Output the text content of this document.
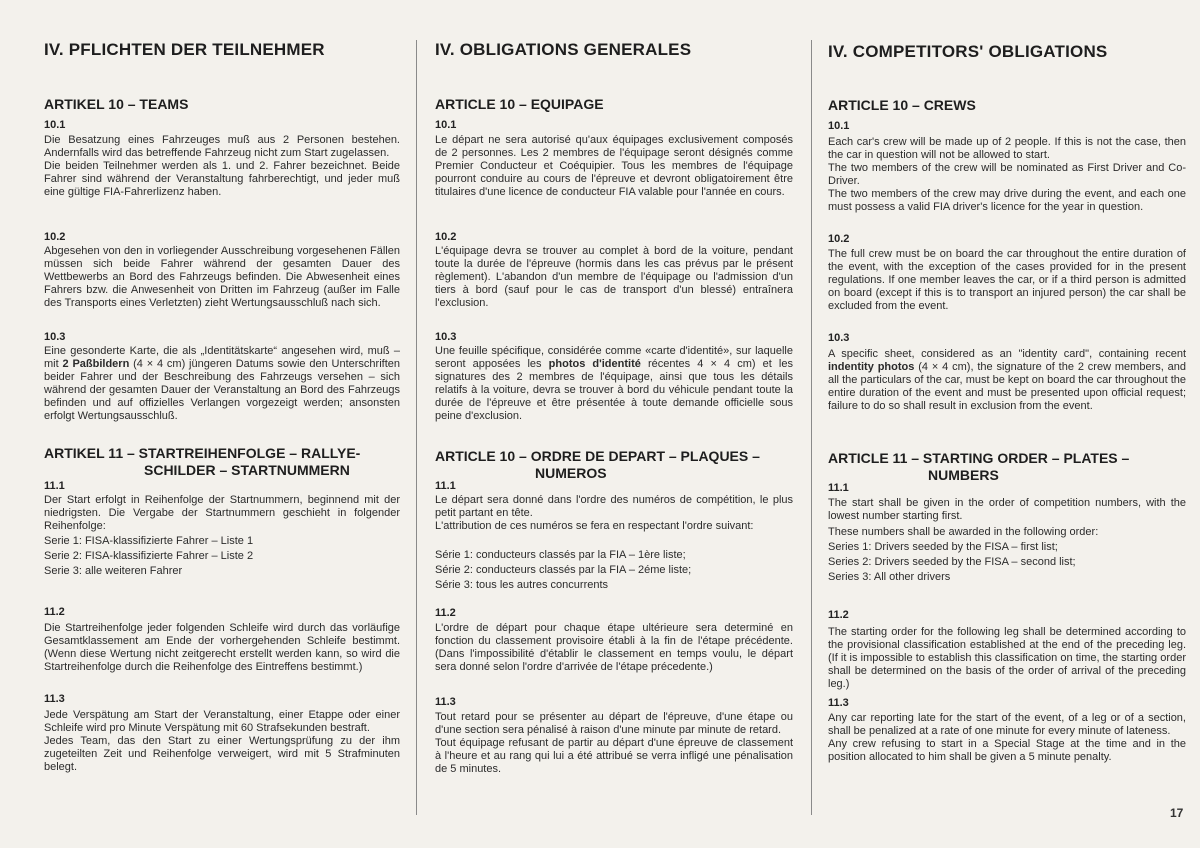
IV. PFLICHTEN DER TEILNEHMER
ARTIKEL 10 – TEAMS
10.1
Die Besatzung eines Fahrzeuges muß aus 2 Personen bestehen. Andernfalls wird das betreffende Fahrzeug nicht zum Start zugelassen.
Die beiden Teilnehmer werden als 1. und 2. Fahrer bezeichnet. Beide Fahrer sind während der Veranstaltung fahrberechtigt, und jeder muß eine gültige FIA-Fahrerlizenz haben.
10.2
Abgesehen von den in vorliegender Ausschreibung vorgesehenen Fällen müssen sich beide Fahrer während der gesamten Dauer des Wettbewerbs an Bord des Fahrzeugs befinden. Die Abwesenheit eines Fahrers bzw. die Anwesenheit von Dritten im Fahrzeug (außer im Falle des Transports eines Verletzten) zieht Wertungsausschluß nach sich.
10.3
Eine gesonderte Karte, die als „Identitätskarte“ angesehen wird, muß – mit 2 Paßbildern (4 × 4 cm) jüngeren Datums sowie den Unterschriften beider Fahrer und der Beschreibung des Fahrzeugs versehen – sich während der gesamten Dauer der Veranstaltung an Bord des Fahrzeugs befinden und auf offizielles Verlangen vorgezeigt werden; ansonsten erfolgt Wertungsausschluß.
ARTIKEL 11 – STARTREIHENFOLGE – RALLYE-
SCHILDER – STARTNUMMERN
11.1
Der Start erfolgt in Reihenfolge der Startnummern, beginnend mit der niedrigsten. Die Vergabe der Startnummern geschieht in folgender Reihenfolge:
Serie 1: FISA-klassifizierte Fahrer – Liste 1
Serie 2: FISA-klassifizierte Fahrer – Liste 2
Serie 3: alle weiteren Fahrer
11.2
Die Startreihenfolge jeder folgenden Schleife wird durch das vorläufige Gesamtklassement am Ende der vorhergehenden Schleife bestimmt. (Wenn diese Wertung nicht zeitgerecht erstellt werden kann, so wird die Startreihenfolge durch die Reihenfolge des Eintreffens bestimmt.)
11.3
Jede Verspätung am Start der Veranstaltung, einer Etappe oder einer Schleife wird pro Minute Verspätung mit 60 Strafsekunden bestraft.
Jedes Team, das den Start zu einer Wertungsprüfung zu der ihm zugeteilten Zeit und Reihenfolge verweigert, wird mit 5 Strafminuten belegt.
IV. OBLIGATIONS GENERALES
ARTICLE 10 – EQUIPAGE
10.1
Le départ ne sera autorisé qu'aux équipages exclusivement composés de 2 personnes. Les 2 membres de l'équipage seront désignés comme Premier Conducteur et Coéquipier. Tous les membres de l'équipage pourront conduire au cours de l'épreuve et devront obligatoirement être titulaires d'une licence de conducteur FIA valable pour l'année en cours.
10.2
L'équipage devra se trouver au complet à bord de la voiture, pendant toute la durée de l'épreuve (hormis dans les cas prévus par le présent règlement). L'abandon d'un membre de l'équipage ou l'admission d'un tiers à bord (sauf pour le cas de transport d'un blessé) entraînera l'exclusion.
10.3
Une feuille spécifique, considérée comme «carte d'identité», sur laquelle seront apposées les photos d'identité récentes 4 × 4 cm) et les signatures des 2 membres de l'équipage, ainsi que tous les détails relatifs à la voiture, devra se trouver à bord du véhicule pendant toute la durée de l'épreuve et être présentée à toute demande officielle sous peine d'exclusion.
ARTICLE 10 – ORDRE DE DEPART – PLAQUES –
NUMEROS
11.1
Le départ sera donné dans l'ordre des numéros de compétition, le plus petit partant en tête.
L'attribution de ces numéros se fera en respectant l'ordre suivant:
Série 1: conducteurs classés par la FIA – 1ère liste;
Série 2: conducteurs classés par la FIA – 2éme liste;
Série 3: tous les autres concurrents
11.2
L'ordre de départ pour chaque étape ultérieure sera determiné en fonction du classement provisoire établi à la fin de l'étape précédente. (Dans l'impossibilité d'établir le classement en temps voulu, le départ sera donné selon l'ordre d'arrivée de l'étape précedente.)
11.3
Tout retard pour se présenter au départ de l'épreuve, d'une étape ou d'une section sera pénalisé à raison d'une minute par minute de retard.
Tout équipage refusant de partir au départ d'une épreuve de classement à l'heure et au rang qui lui a été attribué se verra infligé une pénalisation de 5 minutes.
IV. COMPETITORS' OBLIGATIONS
ARTICLE 10 – CREWS
10.1
Each car's crew will be made up of 2 people. If this is not the case, then the car in question will not be allowed to start.
The two members of the crew will be nominated as First Driver and Co-Driver.
The two members of the crew may drive during the event, and each one must possess a valid FIA driver's licence for the year in question.
10.2
The full crew must be on board the car throughout the entire duration of the event, with the exception of the cases provided for in the present regulations. If one member leaves the car, or if a third person is admitted on board (except if this is to transport an injured person) the car shall be excluded from the event.
10.3
A specific sheet, considered as an "identity card", containing recent indentity photos (4 × 4 cm), the signature of the 2 crew members, and all the particulars of the car, must be kept on board the car throughout the entire duration of the event and must be presented upon official request; failure to do so shall result in exclusion from the event.
ARTICLE 11 – STARTING ORDER – PLATES –
NUMBERS
11.1
The start shall be given in the order of competition numbers, with the lowest number starting first.
These numbers shall be awarded in the following order:
Series 1: Drivers seeded by the FISA – first list;
Series 2: Drivers seeded by the FISA – second list;
Series 3: All other drivers
11.2
The starting order for the following leg shall be determined according to the provisional classification established at the end of the preceding leg. (If it is impossible to establish this classification on time, the starting order shall be determined on the basis of the order of arrival of the preceding leg.)
11.3
Any car reporting late for the start of the event, of a leg or of a section, shall be penalized at a rate of one minute for every minute of lateness.
Any crew refusing to start in a Special Stage at the time and in the position allocated to him shall be given a 5 minute penalty.
17
